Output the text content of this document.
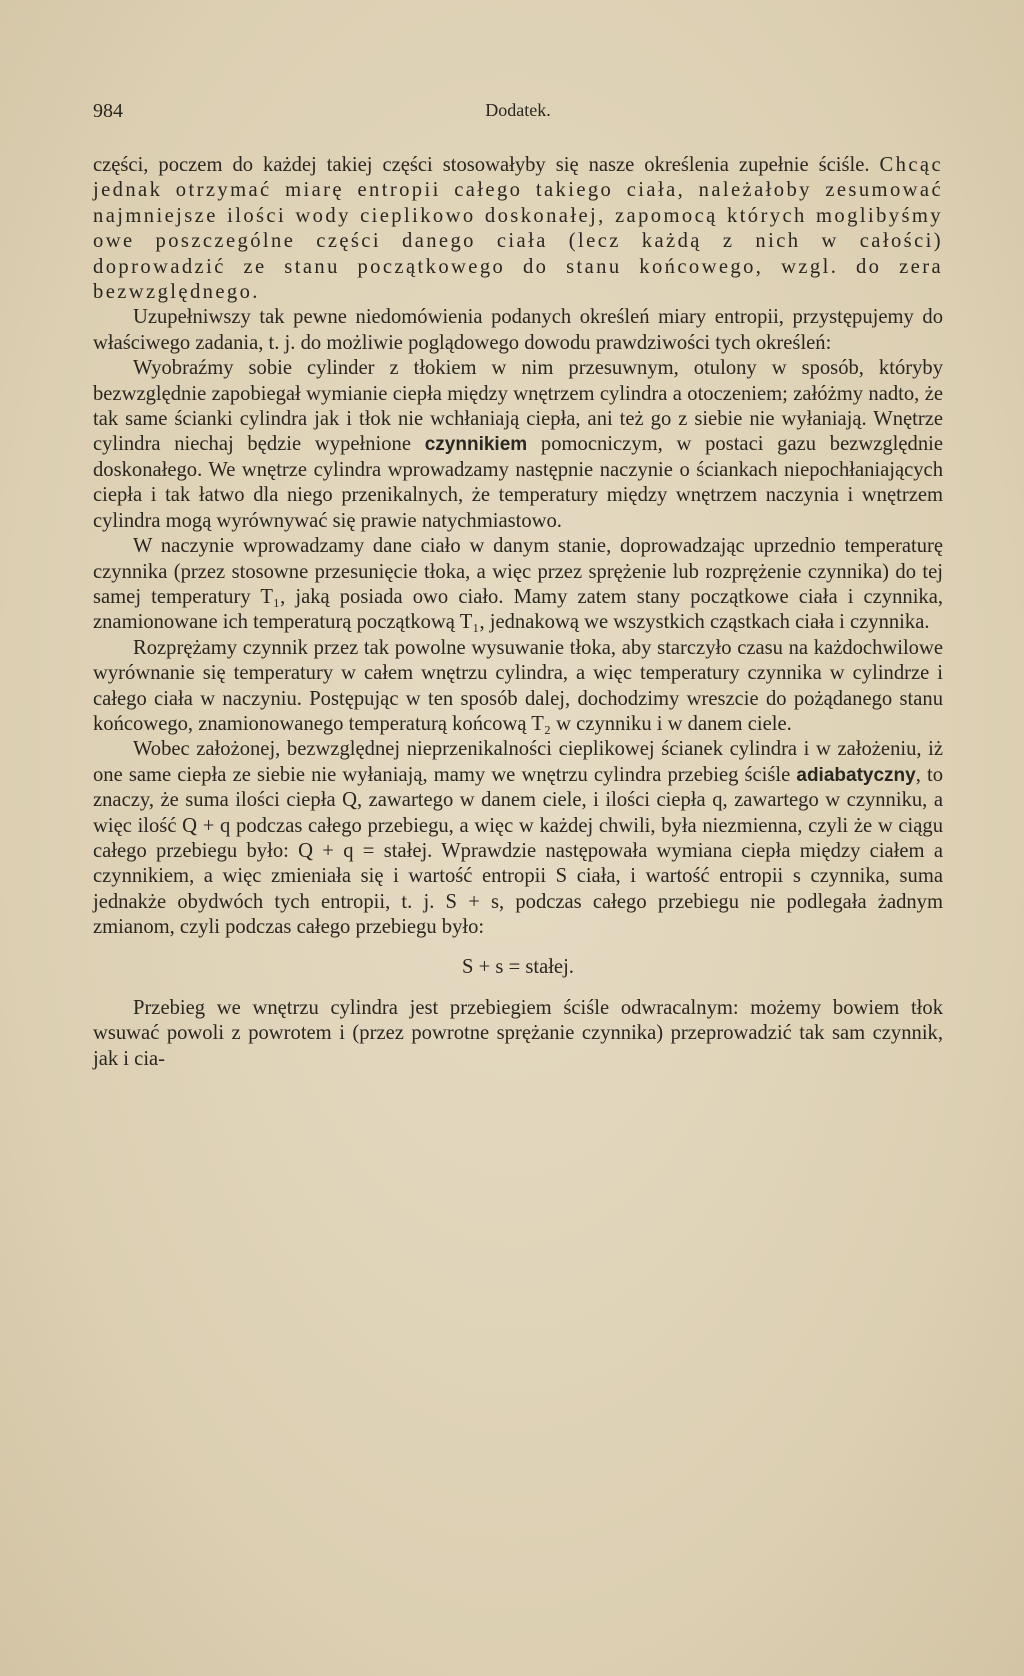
984	Dodatek.

części, poczem do każdej takiej części stosowałyby się nasze określenia zupełnie ściśle. Chcąc jednak otrzymać miarę entropii całego takiego ciała, należałoby zesumować najmniejsze ilości wody cieplikowo doskonałej, zapomocą których moglibyśmy owe poszczególne części danego ciała (lecz każdą z nich w całości) doprowadzić ze stanu początkowego do stanu końcowego, wzgl. do zera bezwzględnego.

Uzupełniwszy tak pewne niedomówienia podanych określeń miary entropii, przystępujemy do właściwego zadania, t. j. do możliwie poglądowego dowodu prawdziwości tych określeń:

Wyobraźmy sobie cylinder z tłokiem w nim przesuwnym, otulony w sposób, któryby bezwzględnie zapobiegał wymianie ciepła między wnętrzem cylindra a otoczeniem; załóżmy nadto, że tak same ścianki cylindra jak i tłok nie wchłaniają ciepła, ani też go z siebie nie wyłaniają. Wnętrze cylindra niechaj będzie wypełnione czynnikiem pomocniczym, w postaci gazu bezwzględnie doskonałego. We wnętrze cylindra wprowadzamy następnie naczynie o ściankach niepochłaniających ciepła i tak łatwo dla niego przenikalnych, że temperatury między wnętrzem naczynia i wnętrzem cylindra mogą wyrównywać się prawie natychmiastowo.

W naczynie wprowadzamy dane ciało w danym stanie, doprowadzając uprzednio temperaturę czynnika (przez stosowne przesunięcie tłoka, a więc przez sprężenie lub rozprężenie czynnika) do tej samej temperatury T₁, jaką posiada owo ciało. Mamy zatem stany początkowe ciała i czynnika, znamionowane ich temperaturą początkową T₁, jednakową we wszystkich cząstkach ciała i czynnika.

Rozprężamy czynnik przez tak powolne wysuwanie tłoka, aby starczyło czasu na każdochwilowe wyrównanie się temperatury w całem wnętrzu cylindra, a więc temperatury czynnika w cylindrze i całego ciała w naczyniu. Postępując w ten sposób dalej, dochodzimy wreszcie do pożądanego stanu końcowego, znamionowanego temperaturą końcową T₂ w czynniku i w danem ciele.

Wobec założonej, bezwzględnej nieprzenikalności cieplikowej ścianek cylindra i w założeniu, iż one same ciepła ze siebie nie wyłaniają, mamy we wnętrzu cylindra przebieg ściśle adiabatyczny, to znaczy, że suma ilości ciepła Q, zawartego w danem ciele, i ilości ciepła q, zawartego w czynniku, a więc ilość Q + q podczas całego przebiegu, a więc w każdej chwili, była niezmienna, czyli że w ciągu całego przebiegu było: Q + q = stałej. Wprawdzie następowała wymiana ciepła między ciałem a czynnikiem, a więc zmieniała się i wartość entropii S ciała, i wartość entropii s czynnika, suma jednakże obydwóch tych entropii, t. j. S + s, podczas całego przebiegu nie podlegała żadnym zmianom, czyli podczas całego przebiegu było:

S + s = stałej.

Przebieg we wnętrzu cylindra jest przebiegiem ściśle odwracalnym: możemy bowiem tłok wsuwać powoli z powrotem i (przez powrotne sprężanie czynnika) przeprowadzić tak sam czynnik, jak i cia-
